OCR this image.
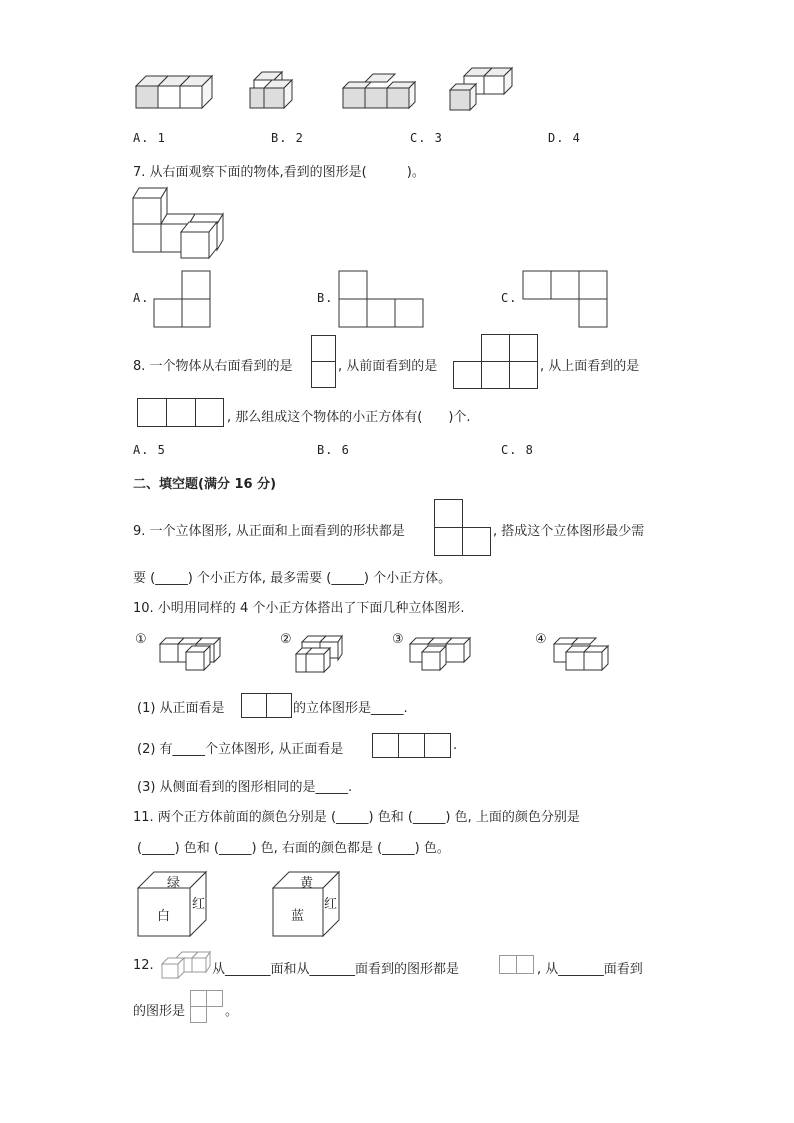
A. 1	B. 2	C. 3	D. 4
7. 从右面观察下面的物体,看到的图形是(	)。
A.	B.	C.
8. 一个物体从右面看到的是	, 从前面看到的是	, 从上面看到的是
, 那么组成这个物体的小正方体有( )个.
A. 5	B. 6	C. 8
二、填空题(满分 16 分)
9. 一个立体图形, 从正面和上面看到的形状都是	, 搭成这个立体图形最少需
要 (_____) 个小正方体, 最多需要 (_____) 个小正方体。
10. 小明用同样的 4 个小正方体搭出了下面几种立体图形.
①	②	③	④
(1) 从正面看是	的立体图形是_____.
(2) 有_____个立体图形, 从正面看是	.
(3) 从侧面看到的图形相同的是_____.
11. 两个正方体前面的颜色分别是 (_____) 色和 (_____) 色, 上面的颜色分别是
(_____) 色和 (_____) 色, 右面的颜色都是 (_____) 色。
绿
白
红
黄
蓝
红
12.	从_______面和从_______面看到的图形都是	, 从_______面看到
的图形是	。
